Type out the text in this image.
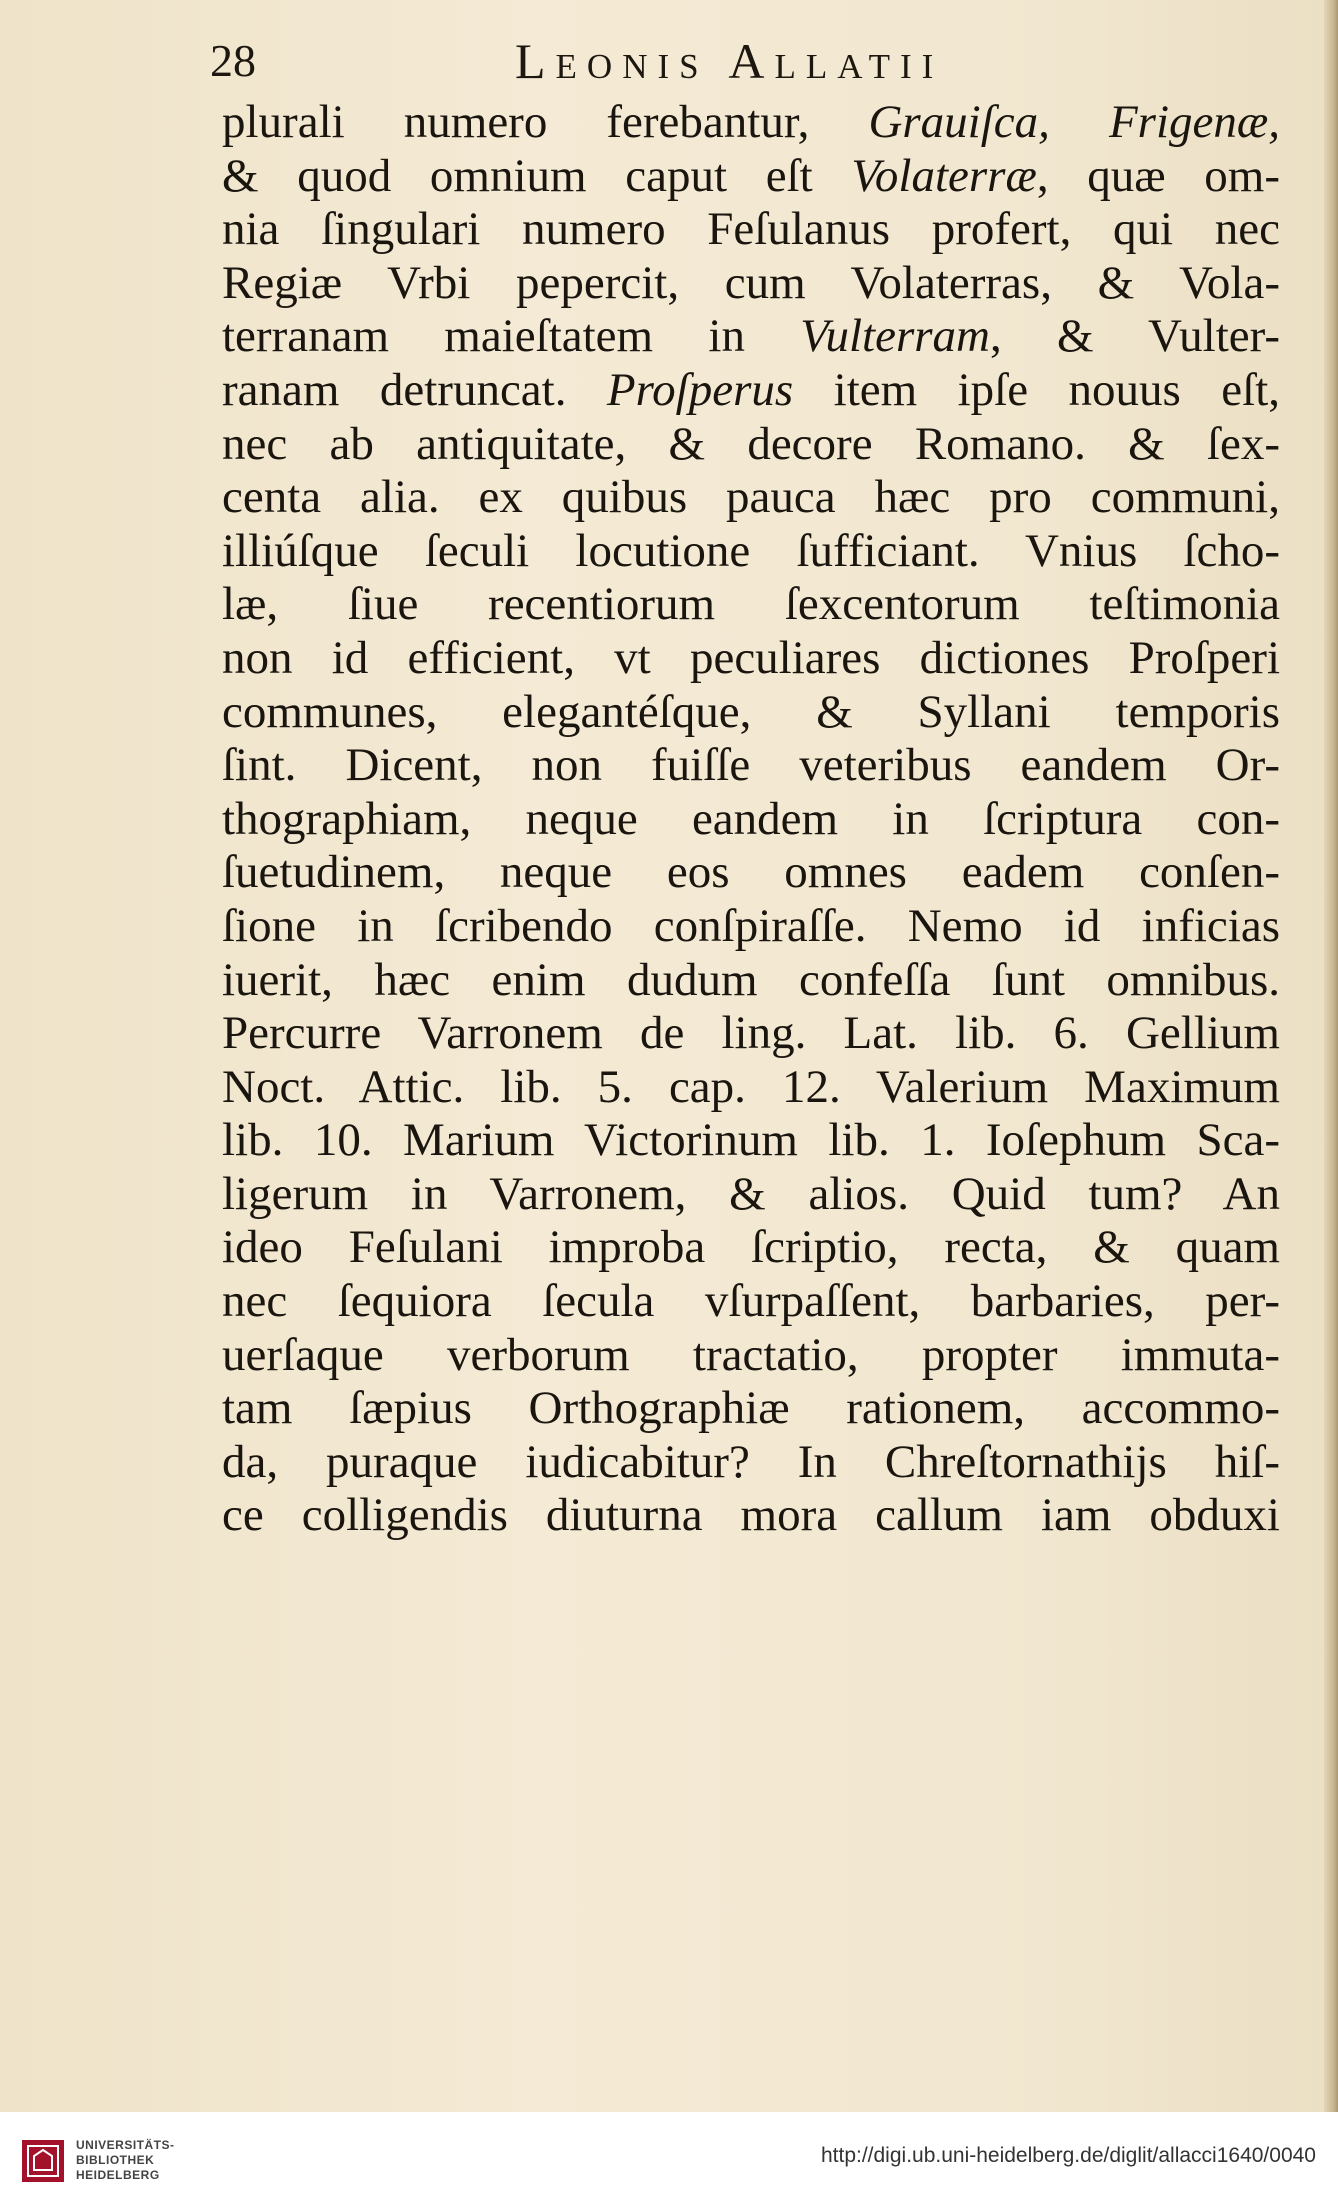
28	Leonis Allatii
plurali numero ferebantur, Grauiſca, Frigenæ,
& quod omnium caput eſt Volaterræ, quæ om-
nia ſingulari numero Feſulanus profert, qui nec
Regiæ Vrbi pepercit, cum Volaterras, & Vola-
terranam maieſtatem in Vulterram, & Vulter-
ranam detruncat. Proſperus item ipſe nouus eſt,
nec ab antiquitate, & decore Romano. & ſex-
centa alia. ex quibus pauca hæc pro communi,
illiúſque ſeculi locutione ſufficiant. Vnius ſcho-
læ, ſiue recentiorum ſexcentorum teſtimonia
non id efficient, vt peculiares dictiones Proſperi
communes, elegantéſque, & Syllani temporis
ſint. Dicent, non fuiſſe veteribus eandem Or-
thographiam, neque eandem in ſcriptura con-
ſuetudinem, neque eos omnes eadem conſen-
ſione in ſcribendo conſpiraſſe. Nemo id inficias
iuerit, hæc enim dudum confeſſa ſunt omnibus.
Percurre Varronem de ling. Lat. lib. 6. Gellium
Noct. Attic. lib. 5. cap. 12. Valerium Maximum
lib. 10. Marium Victorinum lib. 1. Ioſephum Sca-
ligerum in Varronem, & alios. Quid tum? An
ideo Feſulani improba ſcriptio, recta, & quam
nec ſequiora ſecula vſurpaſſent, barbaries, per-
uerſaque verborum tractatio, propter immuta-
tam ſæpius Orthographiæ rationem, accommo-
da, puraque iudicabitur? In Chreſtornathijs hiſ-
ce colligendis diuturna mora callum iam obduxi
UNIVERSITÄTS-
BIBLIOTHEK
HEIDELBERG
http://digi.ub.uni-heidelberg.de/diglit/allacci1640/0040
